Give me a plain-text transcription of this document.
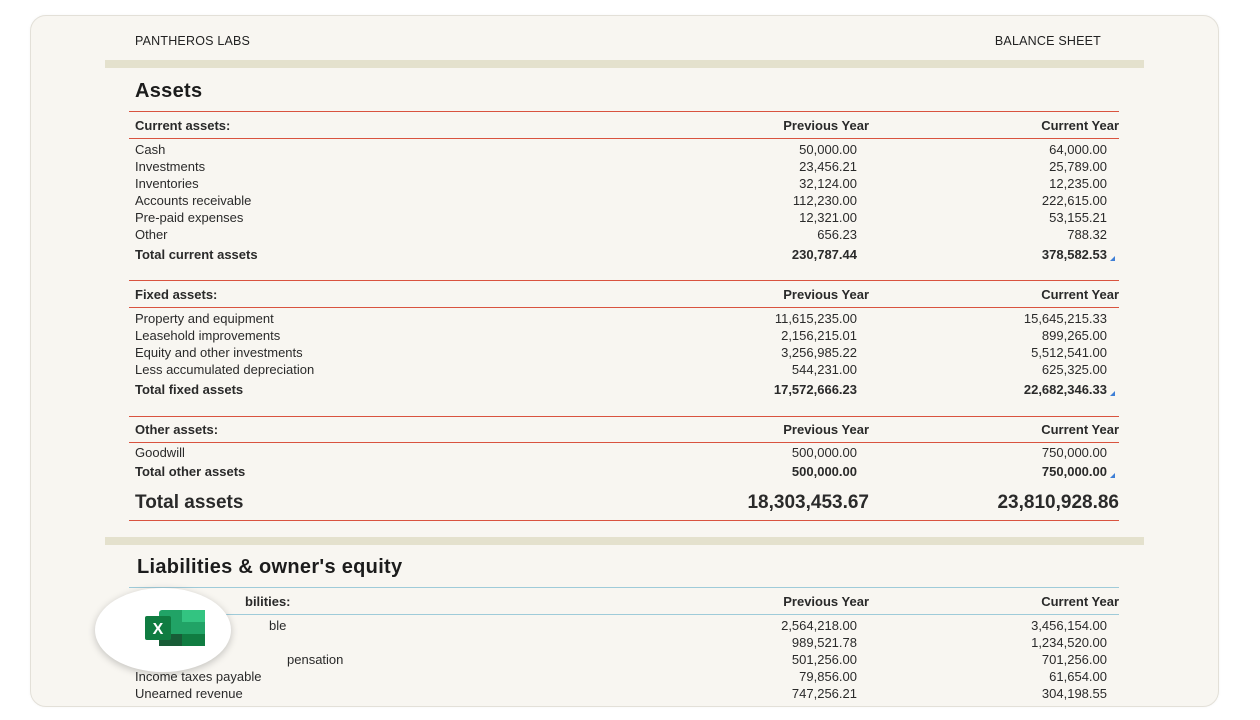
PANTHEROS LABS	BALANCE SHEET
Assets
Current assets:	Previous Year	Current Year
Cash	50,000.00	64,000.00
Investments	23,456.21	25,789.00
Inventories	32,124.00	12,235.00
Accounts receivable	112,230.00	222,615.00
Pre-paid expenses	12,321.00	53,155.21
Other	656.23	788.32
Total current assets	230,787.44	378,582.53
Fixed assets:	Previous Year	Current Year
Property and equipment	11,615,235.00	15,645,215.33
Leasehold improvements	2,156,215.01	899,265.00
Equity and other investments	3,256,985.22	5,512,541.00
Less accumulated depreciation	544,231.00	625,325.00
Total fixed assets	17,572,666.23	22,682,346.33
Other assets:	Previous Year	Current Year
Goodwill	500,000.00	750,000.00
Total other assets	500,000.00	750,000.00
Total assets	18,303,453.67	23,810,928.86
Liabilities & owner's equity
bilities:	Previous Year	Current Year
ble	2,564,218.00	3,456,154.00
989,521.78	1,234,520.00
pensation	501,256.00	701,256.00
Income taxes payable	79,856.00	61,654.00
Unearned revenue	747,256.21	304,198.55
X
